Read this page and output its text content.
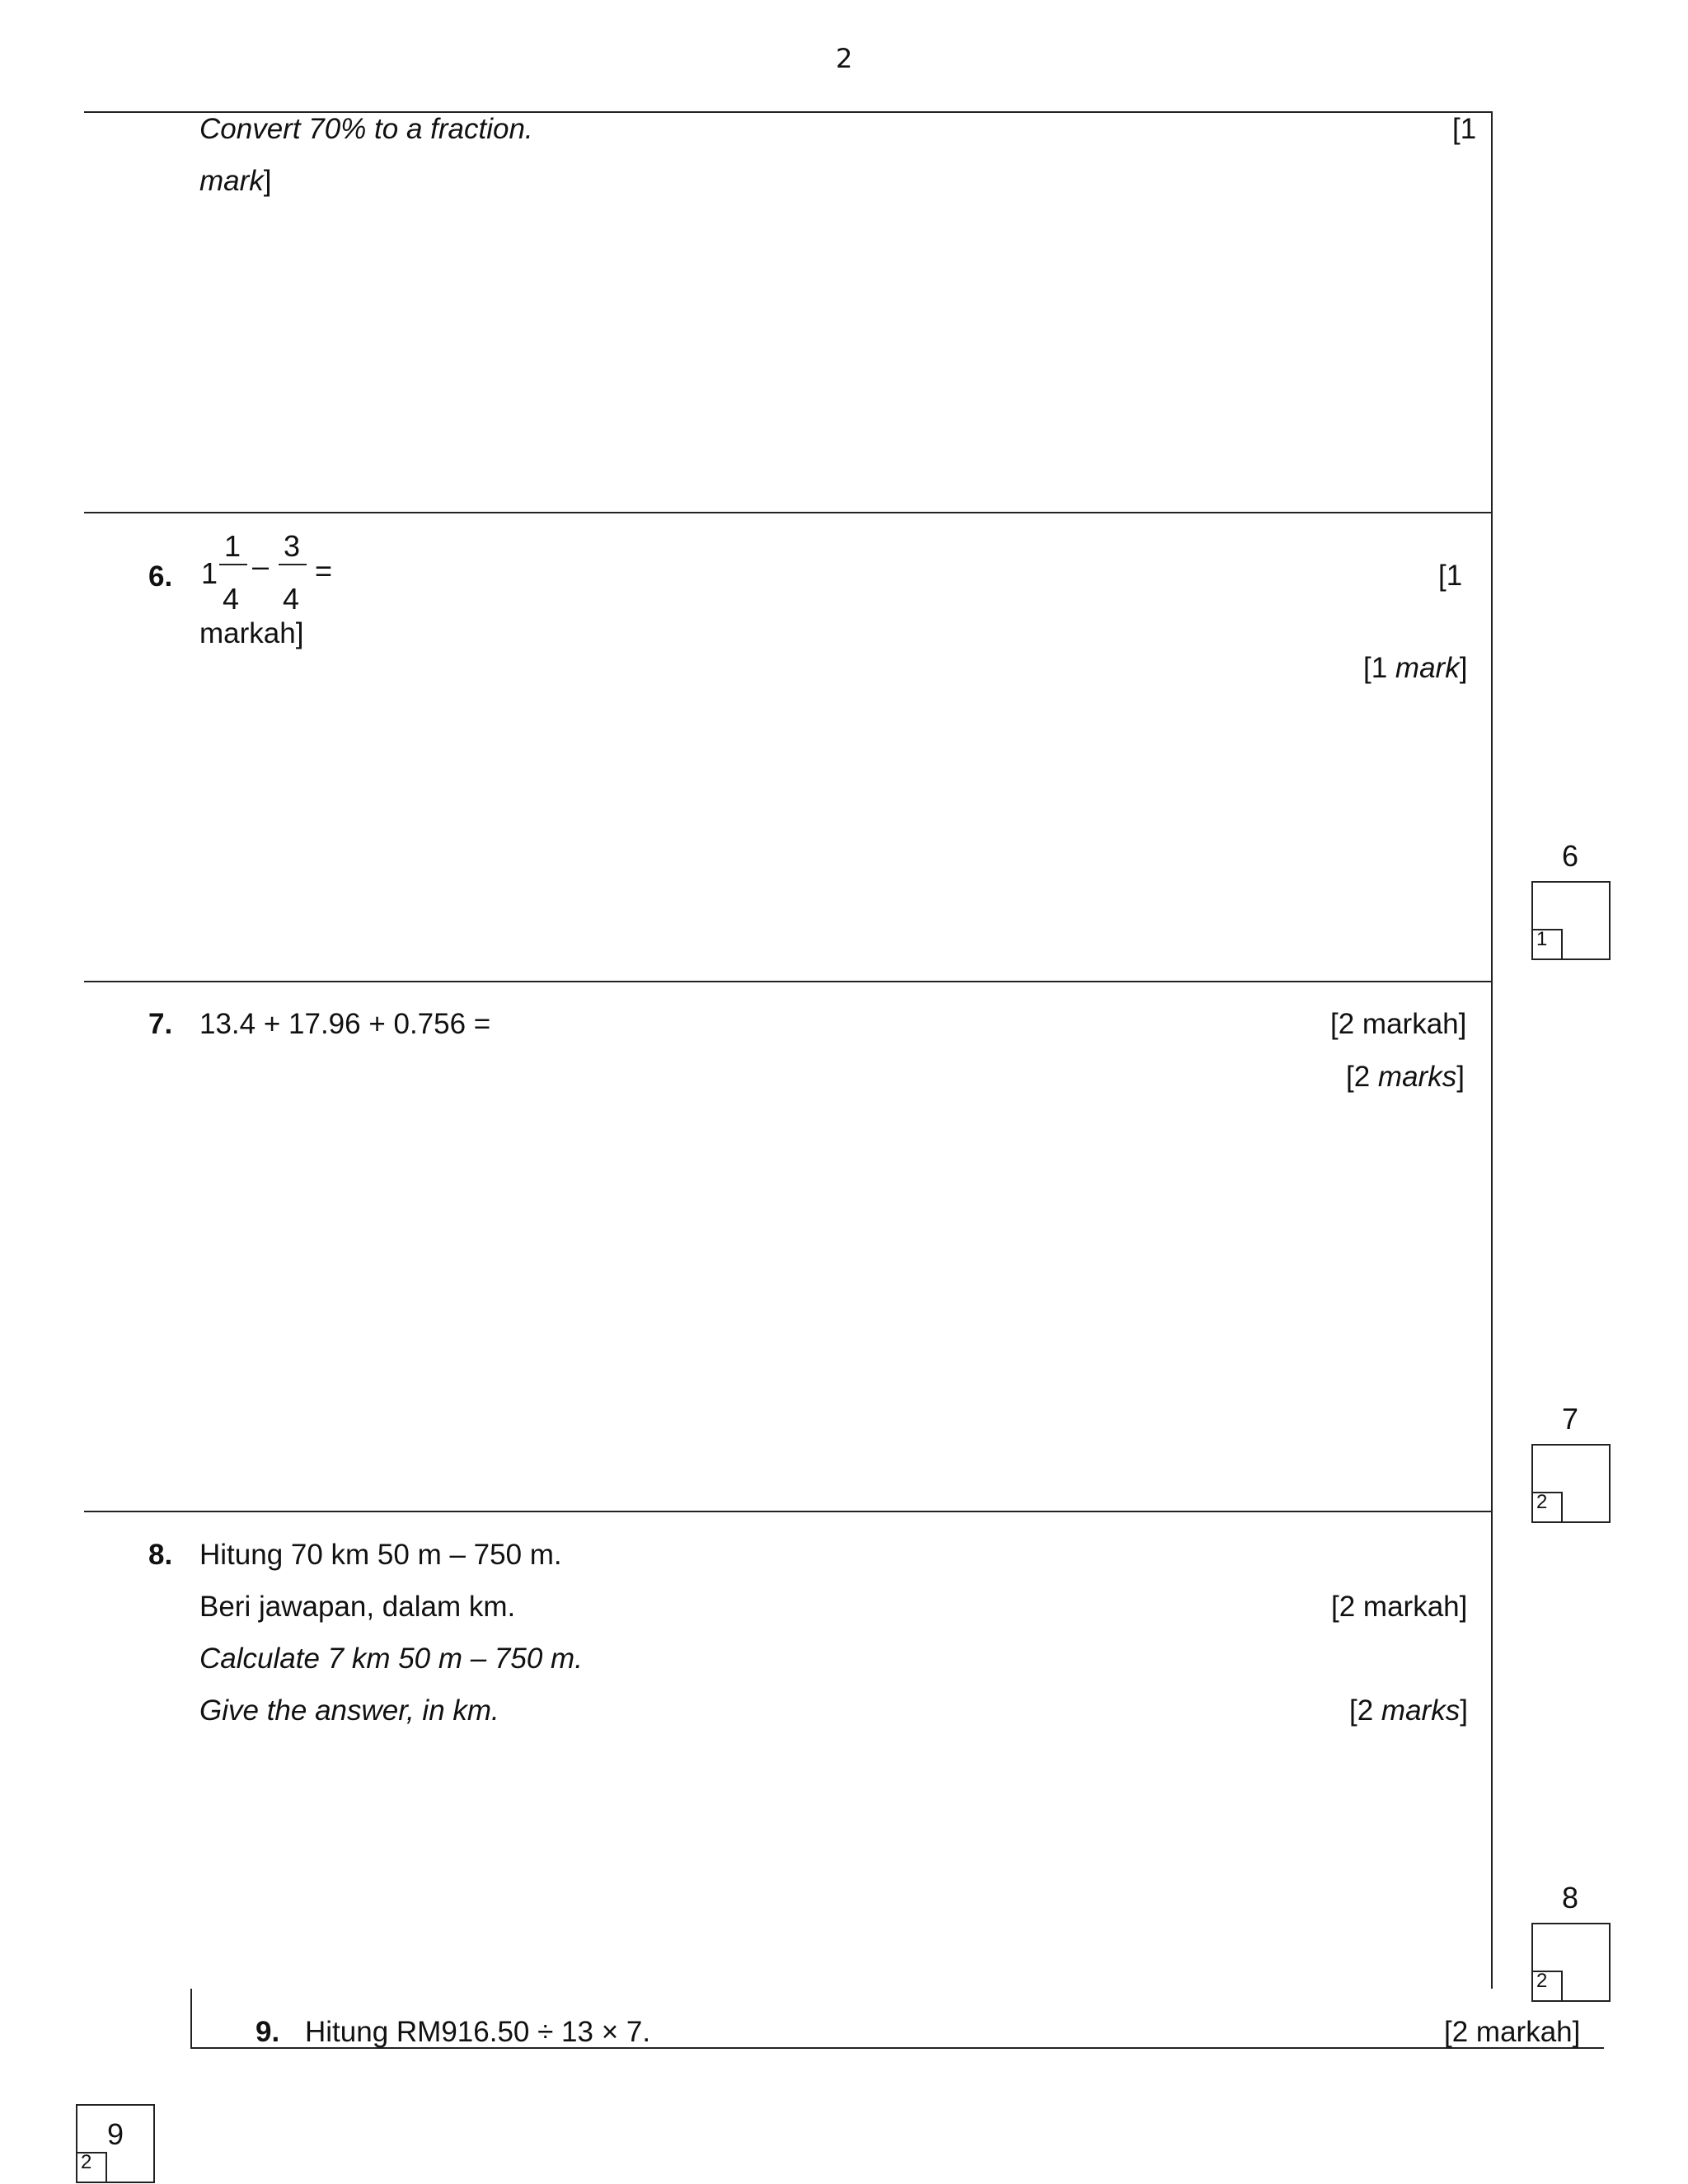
2
Convert 70% to a fraction.	[1
mark]
6. 1
1
4
–
3
4
=	[1
markah]
[1 mark]
7. 13.4 + 17.96 + 0.756 =	[2 markah]
[2 marks]
8. Hitung 70 km 50 m – 750 m.
Beri jawapan, dalam km.	[2 markah]
Calculate 7 km 50 m – 750 m.
Give the answer, in km.	[2 marks]
9. Hitung RM916.50 ÷ 13 × 7.	[2 markah]
6
1
7
2
8
2
9
2
